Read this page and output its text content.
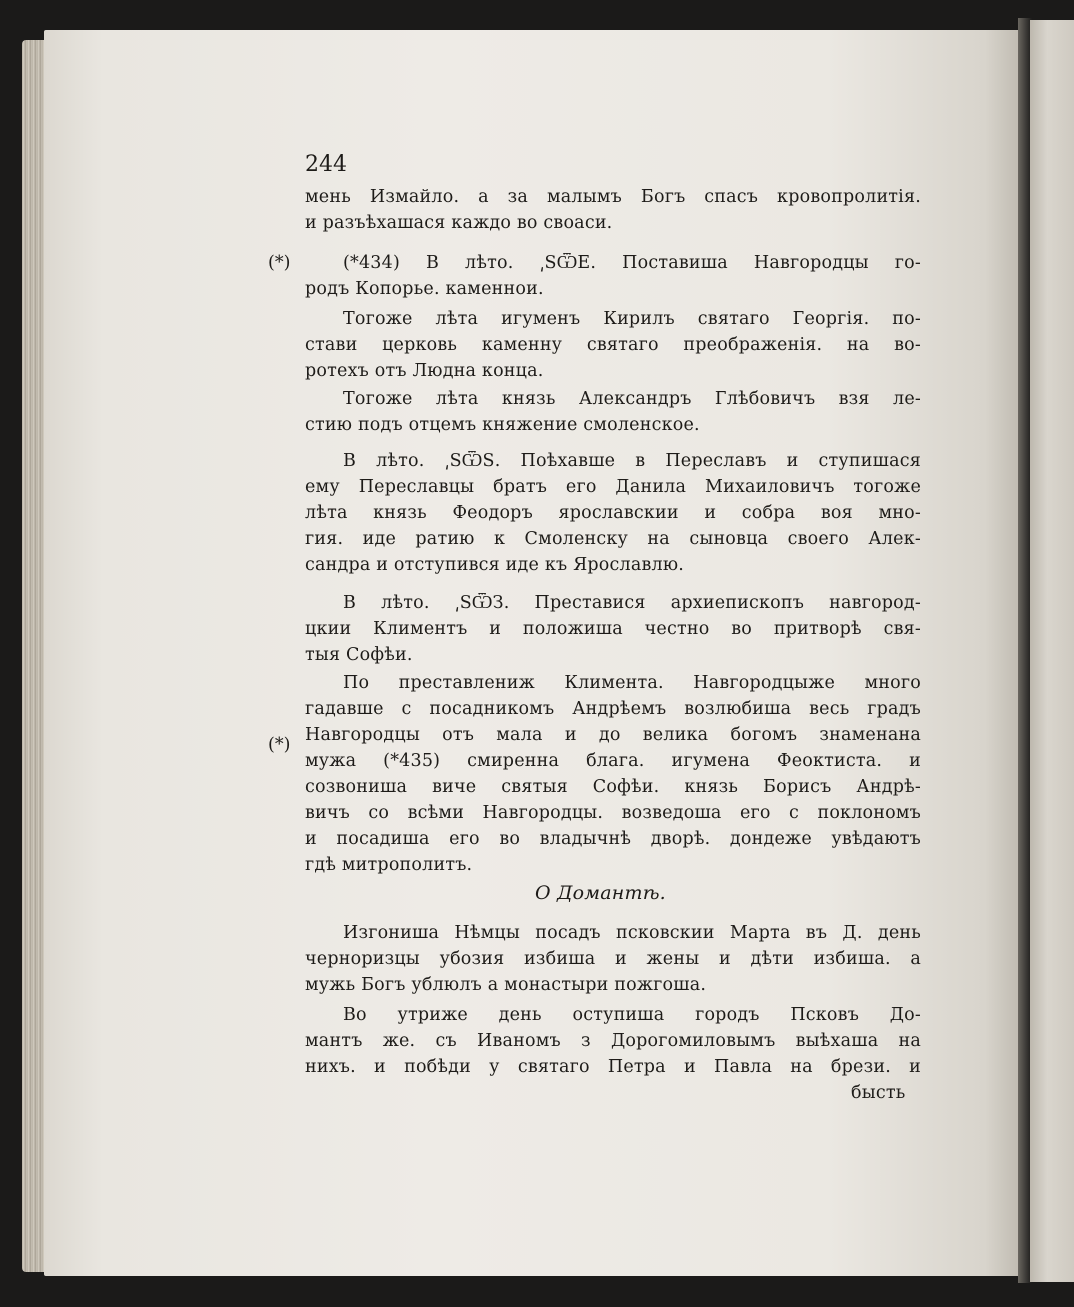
(*)
(*)
244
мень Измайло. а за малымъ Богъ спасъ кровопролитія.
и разъѣхашася каждо во своаси.
(*434) В лѣто. ͵ЅѾЕ. Поставиша Навгородцы го-
родъ Копорье. каменнои.
Тогоже лѣта игуменъ Кирилъ святаго Георгія. по-
стави церковь каменну святаго преображенія. на во-
ротехъ отъ Людна конца.
Тогоже лѣта князь Александръ Глѣбовичъ взя ле-
стию подъ отцемъ княжение смоленское.
В лѣто. ͵ЅѾЅ. Поѣхавше в Переславъ и ступишася
ему Переславцы братъ его Данила Михаиловичъ тогоже
лѣта князь Феодоръ ярославскии и собра воя мно-
гия. иде ратию к Смоленску на сыновца своего Алек-
сандра и отступився иде къ Ярославлю.
В лѣто. ͵ЅѾЗ. Преставися архиепископъ навгород-
цкии Климентъ и положиша честно во притворѣ свя-
тыя Софѣи.
По преставлениж Климента. Навгородцыже много
гадавше с посадникомъ Андрѣемъ возлюбиша весь градъ
Навгородцы отъ мала и до велика богомъ знаменана
мужа (*435) смиренна блага. игумена Феоктиста. и
созвониша виче святыя Софѣи. князь Борисъ Андрѣ-
вичъ со всѣми Навгородцы. возведоша его с поклономъ
и посадиша его во владычнѣ дворѣ. дондеже увѣдаютъ
гдѣ митрополитъ.
О Домантѣ.
Изгониша Нѣмцы посадъ псковскии Марта въ Д. день
черноризцы убозия избиша и жены и дѣти избиша. а
мужь Богъ ублюлъ а монастыри пожгоша.
Во утриже день оступиша городъ Псковъ До-
мантъ же. съ Иваномъ з Дорогомиловымъ выѣхаша на
нихъ. и побѣди у святаго Петра и Павла на брези. и
бысть
